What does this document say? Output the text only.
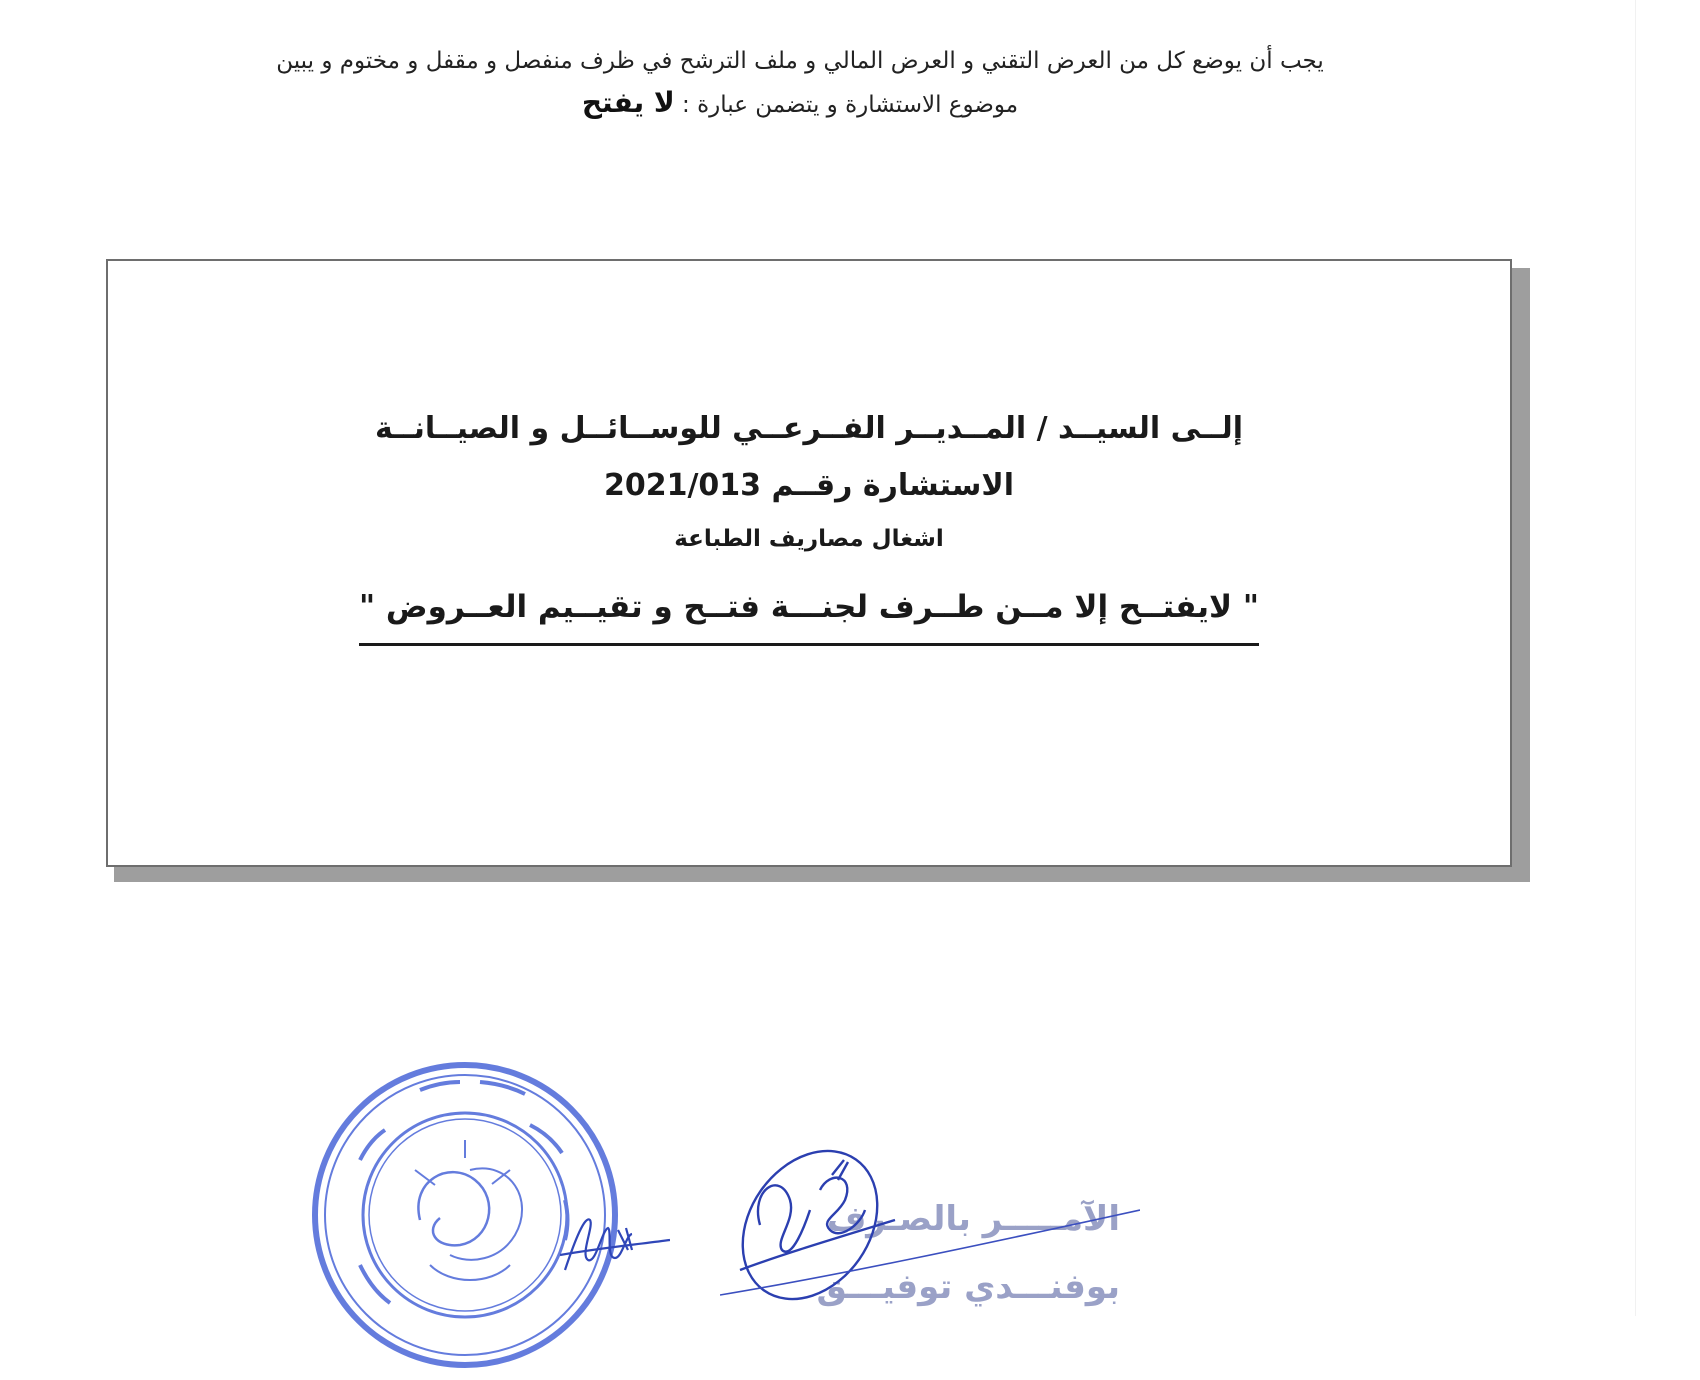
يجب أن يوضع كل من العرض التقني و العرض المالي و ملف الترشح في ظرف منفصل و مقفل و مختوم و يبين
موضوع الاستشارة و يتضمن عبارة : لا يفتح
إلــى السيــد / المــديــر الفــرعــي للوســائــل و الصيــانــة
الاستشارة رقــم 2021/013
اشغال مصاريف الطباعة
" لايفتــح إلا مــن طــرف لجنـــة فتــح و تقيــيم العــروض "
الآمـــــر بالصـرف
بوفنـــدي توفيـــق
